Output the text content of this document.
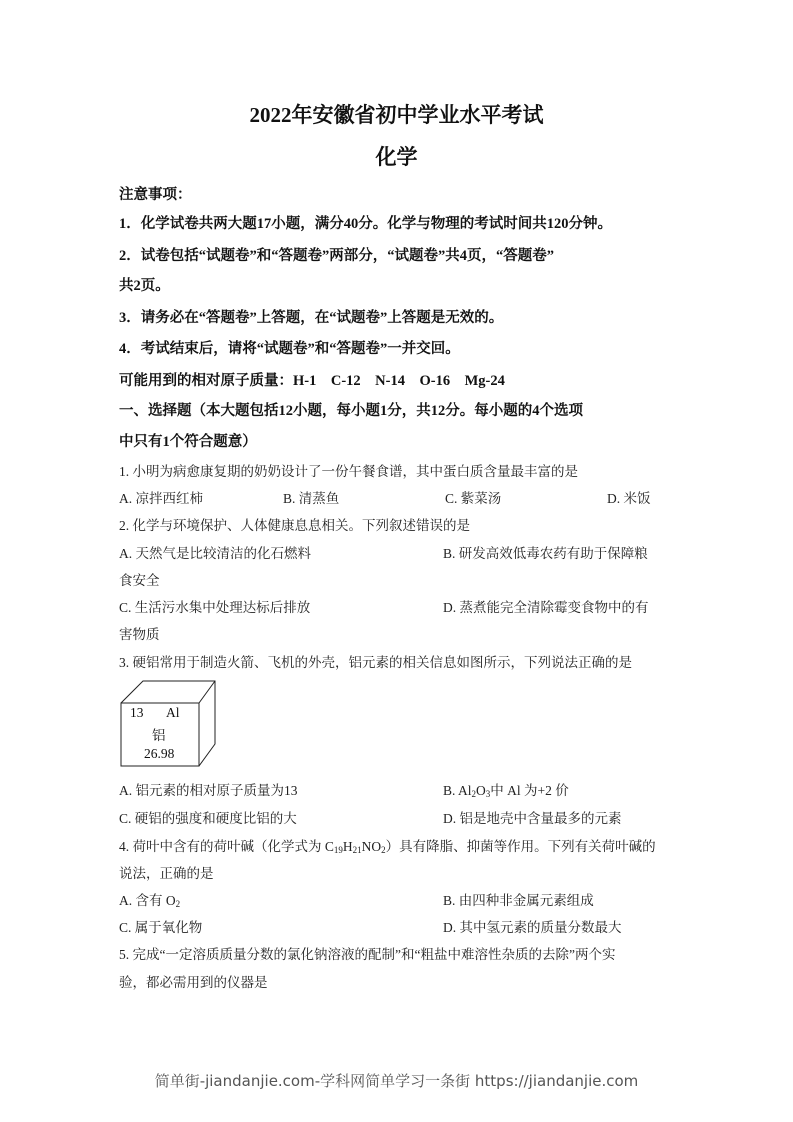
2022年安徽省初中学业水平考试
化学
注意事项：
1．化学试卷共两大题17小题，满分40分。化学与物理的考试时间共120分钟。
2．试卷包括“试题卷”和“答题卷”两部分，“试题卷”共4页，“答题卷”
共2页。
3．请务必在“答题卷”上答题，在“试题卷”上答题是无效的。
4．考试结束后，请将“试题卷”和“答题卷”一并交回。
可能用到的相对原子质量：H-1　C-12　N-14　O-16　Mg-24
一、选择题（本大题包括12小题，每小题1分，共12分。每小题的4个选项
中只有1个符合题意）
1. 小明为病愈康复期的奶奶设计了一份午餐食谱，其中蛋白质含量最丰富的是
A. 凉拌西红柿	B. 清蒸鱼	C. 紫菜汤	D. 米饭
2. 化学与环境保护、人体健康息息相关。下列叙述错误的是
A. 天然气是比较清洁的化石燃料	B. 研发高效低毒农药有助于保障粮
食安全
C. 生活污水集中处理达标后排放	D. 蒸煮能完全清除霉变食物中的有
害物质
3. 硬铝常用于制造火箭、飞机的外壳，铝元素的相关信息如图所示，下列说法正确的是
13 Al
铝
26.98
A. 铝元素的相对原子质量为13	B. $Al_2O_3$中 Al 为+2 价
C. 硬铝的强度和硬度比铝的大	D. 铝是地壳中含量最多的元素
4. 荷叶中含有的荷叶碱（化学式为 $C_{19}H_{21}NO_2$）具有降脂、抑菌等作用。下列有关荷叶碱的
说法，正确的是
A. 含有 $O_2$	B. 由四种非金属元素组成
C. 属于氧化物	D. 其中氢元素的质量分数最大
5. 完成“一定溶质质量分数的氯化钠溶液的配制”和“粗盐中难溶性杂质的去除”两个实
验，都必需用到的仪器是
简单街-jiandanjie.com-学科网简单学习一条街 https://jiandanjie.com
